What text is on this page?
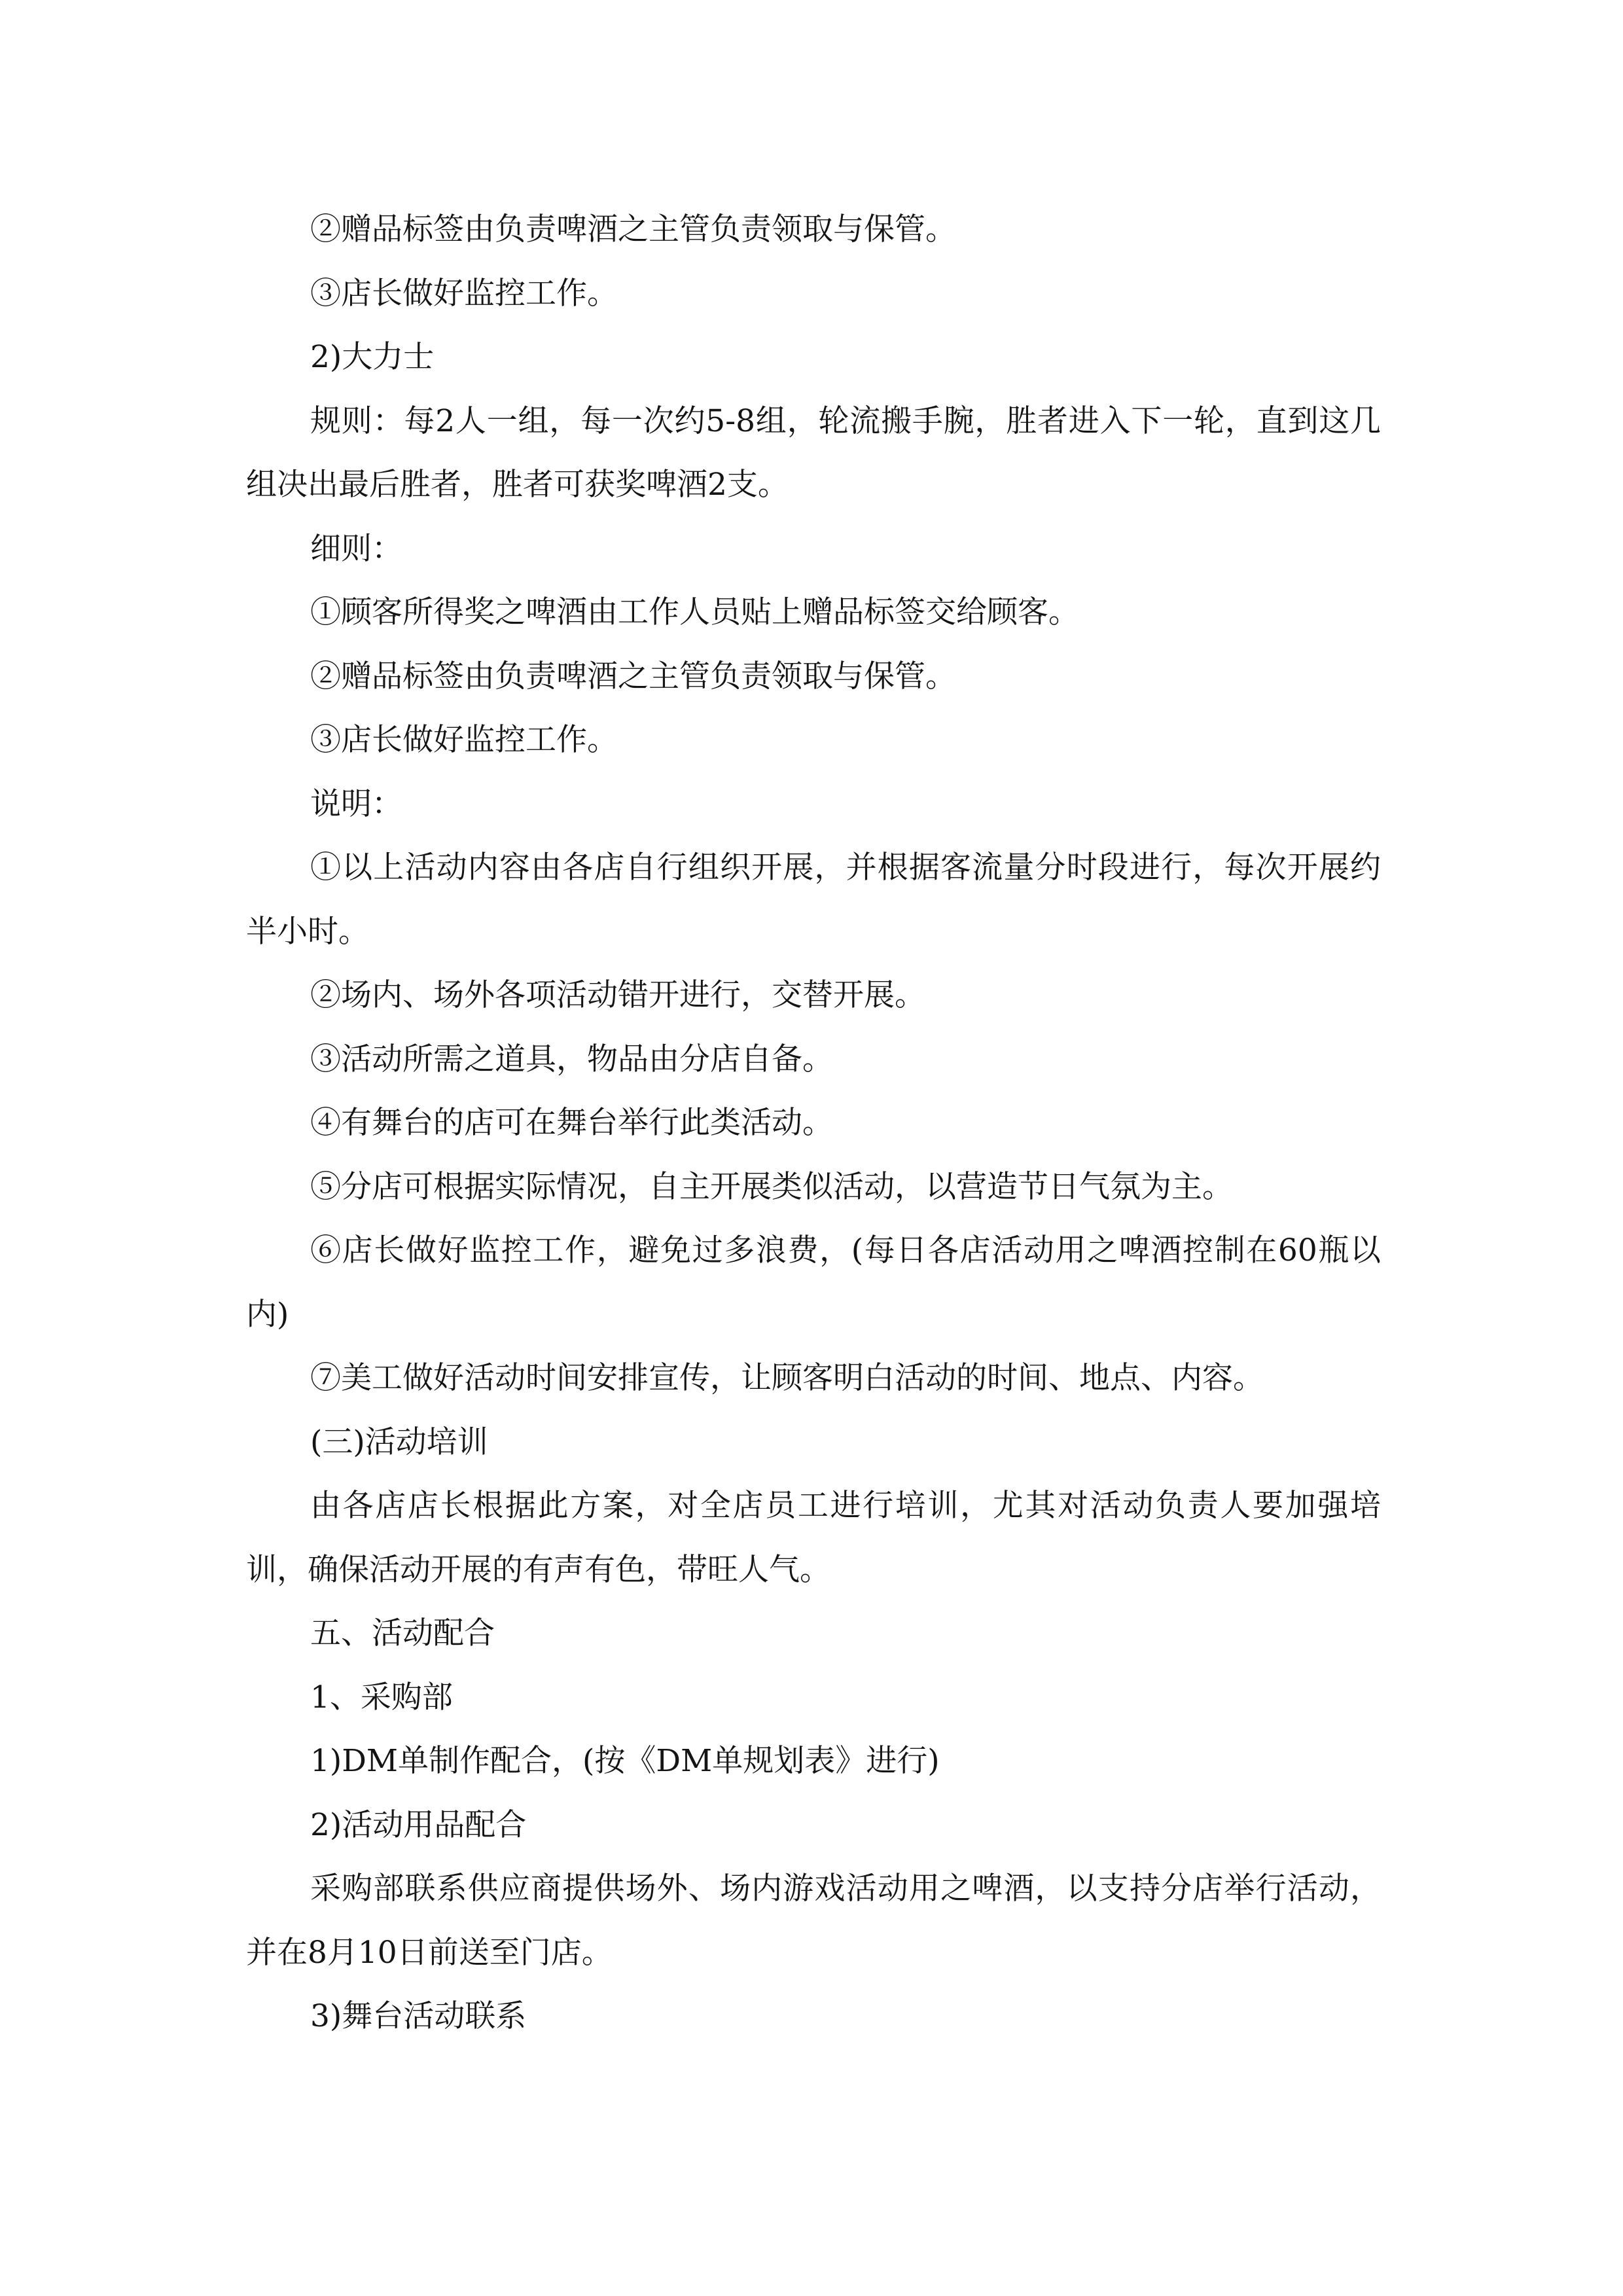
②赠品标签由负责啤酒之主管负责领取与保管。

③店长做好监控工作。

2)大力士

规则：每2人一组，每一次约5-8组，轮流搬手腕，胜者进入下一轮，直到这几组决出最后胜者，胜者可获奖啤酒2支。

细则：

①顾客所得奖之啤酒由工作人员贴上赠品标签交给顾客。

②赠品标签由负责啤酒之主管负责领取与保管。

③店长做好监控工作。

说明：

①以上活动内容由各店自行组织开展，并根据客流量分时段进行，每次开展约半小时。

②场内、场外各项活动错开进行，交替开展。

③活动所需之道具，物品由分店自备。

④有舞台的店可在舞台举行此类活动。

⑤分店可根据实际情况，自主开展类似活动，以营造节日气氛为主。

⑥店长做好监控工作，避免过多浪费，(每日各店活动用之啤酒控制在60瓶以内)

⑦美工做好活动时间安排宣传，让顾客明白活动的时间、地点、内容。

(三)活动培训

由各店店长根据此方案，对全店员工进行培训，尤其对活动负责人要加强培训，确保活动开展的有声有色，带旺人气。

五、活动配合

1、采购部

1)DM单制作配合，(按《DM单规划表》进行)

2)活动用品配合

采购部联系供应商提供场外、场内游戏活动用之啤酒，以支持分店举行活动，并在8月10日前送至门店。

3)舞台活动联系
